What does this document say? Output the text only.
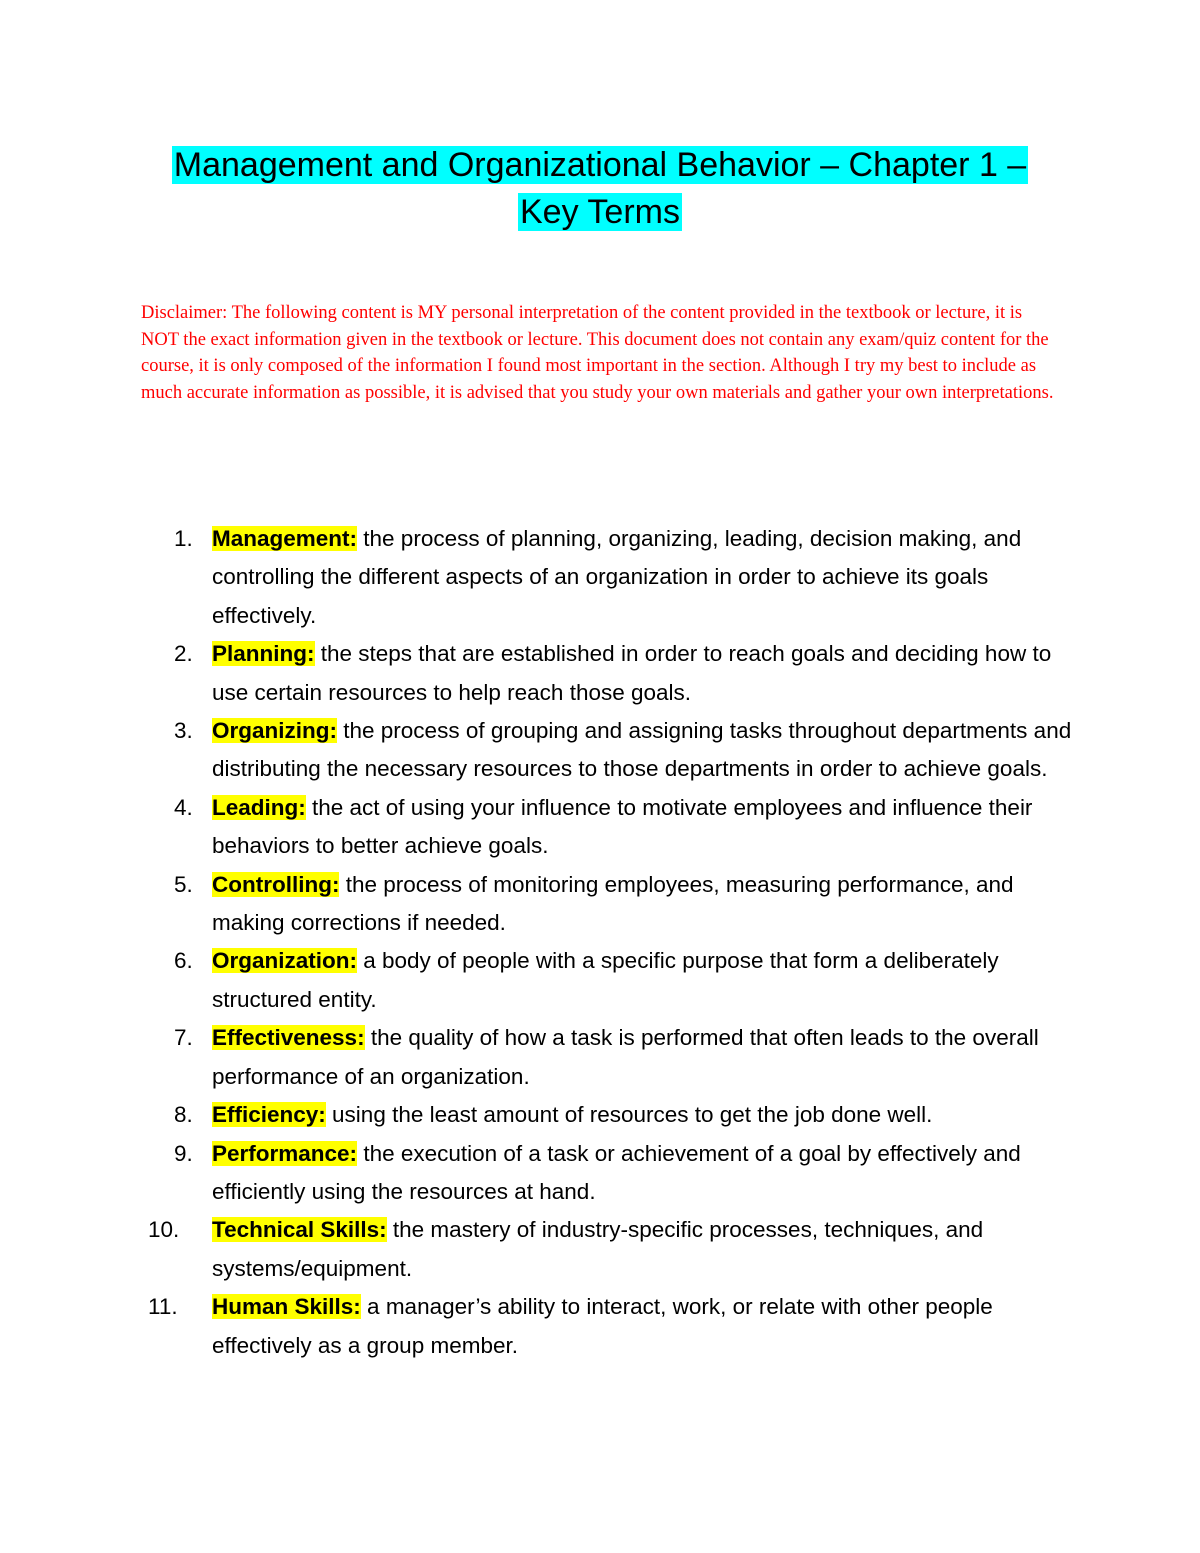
Management and Organizational Behavior – Chapter 1 – Key Terms

Disclaimer: The following content is MY personal interpretation of the content provided in the textbook or lecture, it is NOT the exact information given in the textbook or lecture. This document does not contain any exam/quiz content for the course, it is only composed of the information I found most important in the section. Although I try my best to include as much accurate information as possible, it is advised that you study your own materials and gather your own interpretations.

1. Management: the process of planning, organizing, leading, decision making, and controlling the different aspects of an organization in order to achieve its goals effectively.
2. Planning: the steps that are established in order to reach goals and deciding how to use certain resources to help reach those goals.
3. Organizing: the process of grouping and assigning tasks throughout departments and distributing the necessary resources to those departments in order to achieve goals.
4. Leading: the act of using your influence to motivate employees and influence their behaviors to better achieve goals.
5. Controlling: the process of monitoring employees, measuring performance, and making corrections if needed.
6. Organization: a body of people with a specific purpose that form a deliberately structured entity.
7. Effectiveness: the quality of how a task is performed that often leads to the overall performance of an organization.
8. Efficiency: using the least amount of resources to get the job done well.
9. Performance: the execution of a task or achievement of a goal by effectively and efficiently using the resources at hand.
10. Technical Skills: the mastery of industry-specific processes, techniques, and systems/equipment.
11. Human Skills: a manager’s ability to interact, work, or relate with other people effectively as a group member.
